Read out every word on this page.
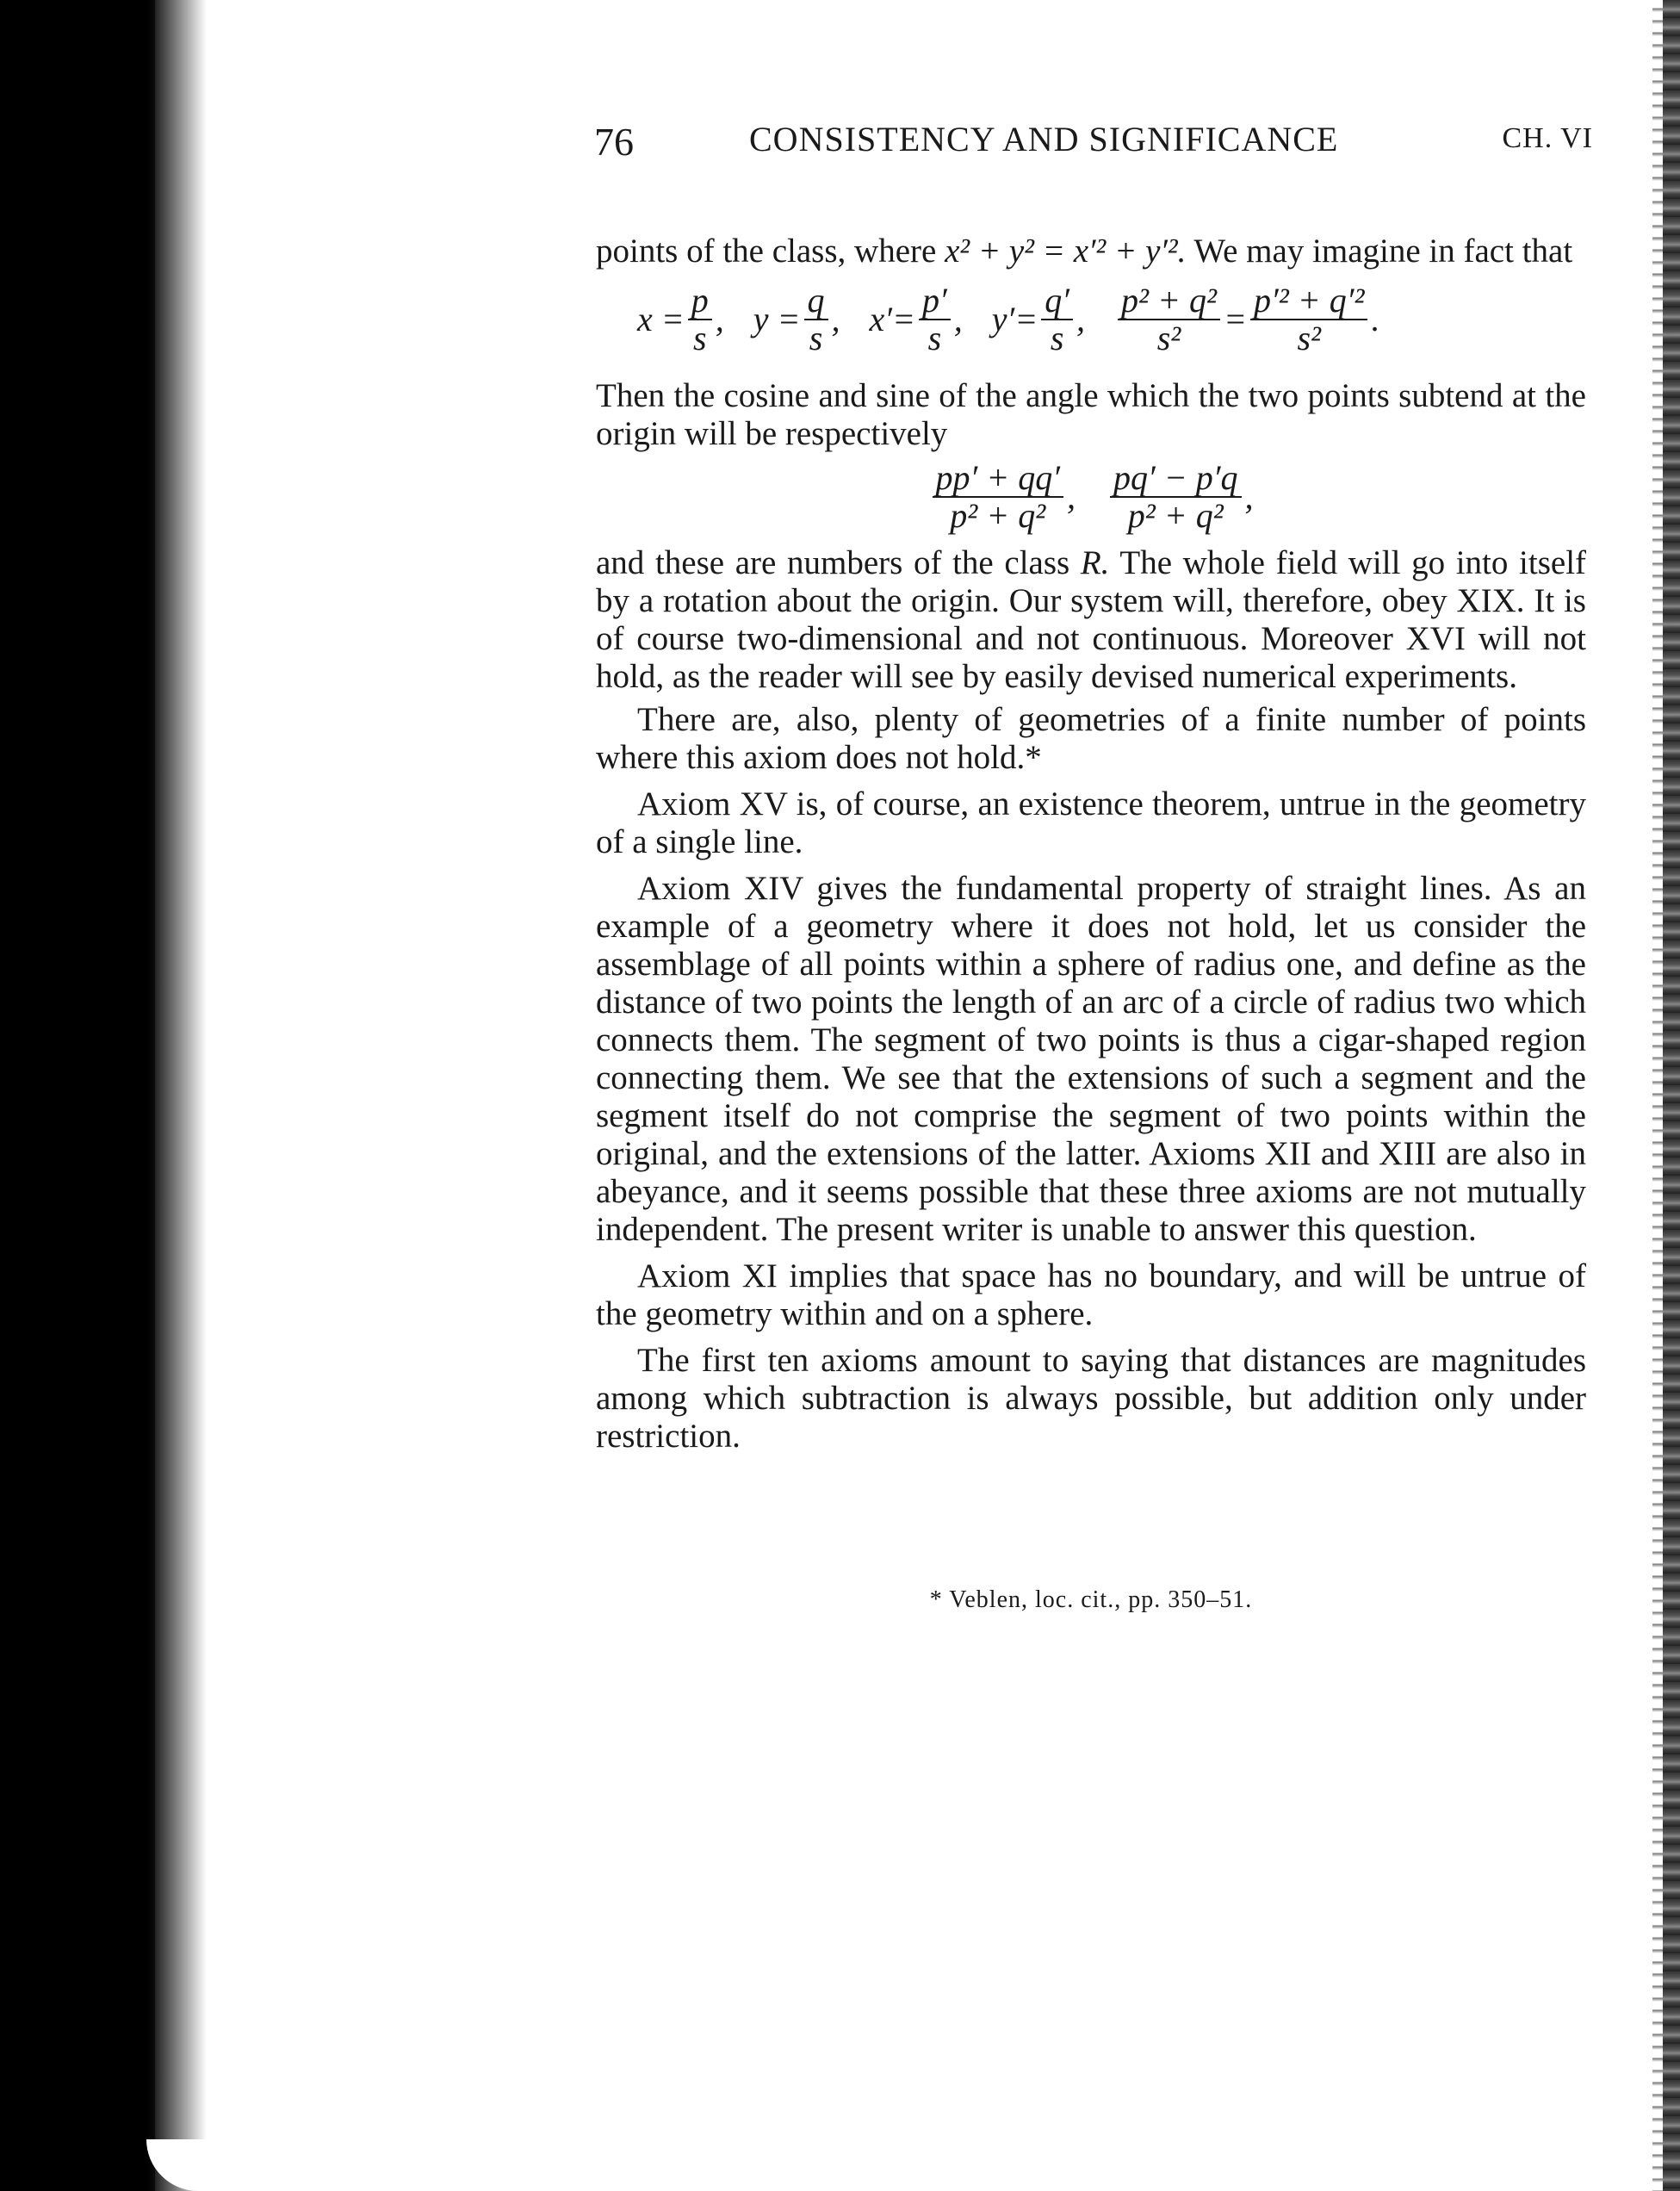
76	CONSISTENCY AND SIGNIFICANCE	CH. VI

points of the class, where x² + y² = x′² + y′². We may imagine in fact that

$x = \frac{p}{s}$ , $y = \frac{q}{s}$ , $x'= \frac{p'}{s}$ , $y'= \frac{q'}{s}$ , $\frac{\text{p² + q²}}{\text{s²}} = \frac{\text{p′² + q′²}}{\text{s²}}$ .

Then the cosine and sine of the angle which the two points subtend at the origin will be respectively

$\frac{pp' + qq'}{\text{p² + q²}}$ , $\frac{pq' - p'q}{\text{p² + q²}}$ ,

and these are numbers of the class R. The whole field will go into itself by a rotation about the origin. Our system will, therefore, obey XIX. It is of course two-dimensional and not continuous. Moreover XVI will not hold, as the reader will see by easily devised numerical experiments.

There are, also, plenty of geometries of a finite number of points where this axiom does not hold.*

Axiom XV is, of course, an existence theorem, untrue in the geometry of a single line.

Axiom XIV gives the fundamental property of straight lines. As an example of a geometry where it does not hold, let us consider the assemblage of all points within a sphere of radius one, and define as the distance of two points the length of an arc of a circle of radius two which connects them. The segment of two points is thus a cigar-shaped region connecting them. We see that the extensions of such a segment and the segment itself do not comprise the segment of two points within the original, and the extensions of the latter. Axioms XII and XIII are also in abeyance, and it seems possible that these three axioms are not mutually independent. The present writer is unable to answer this question.

Axiom XI implies that space has no boundary, and will be untrue of the geometry within and on a sphere.

The first ten axioms amount to saying that distances are magnitudes among which subtraction is always possible, but addition only under restriction.

* Veblen, loc. cit., pp. 350–51.
